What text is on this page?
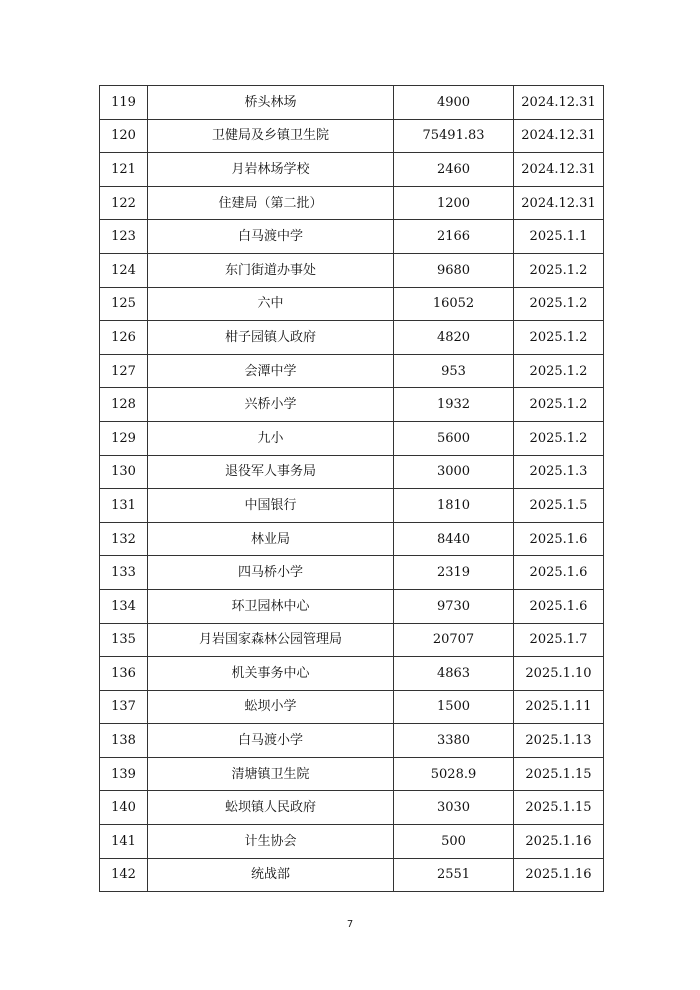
119	桥头林场	4900	2024.12.31
120	卫健局及乡镇卫生院	75491.83	2024.12.31
121	月岩林场学校	2460	2024.12.31
122	住建局（第二批）	1200	2024.12.31
123	白马渡中学	2166	2025.1.1
124	东门街道办事处	9680	2025.1.2
125	六中	16052	2025.1.2
126	柑子园镇人政府	4820	2025.1.2
127	会潭中学	953	2025.1.2
128	兴桥小学	1932	2025.1.2
129	九小	5600	2025.1.2
130	退役军人事务局	3000	2025.1.3
131	中国银行	1810	2025.1.5
132	林业局	8440	2025.1.6
133	四马桥小学	2319	2025.1.6
134	环卫园林中心	9730	2025.1.6
135	月岩国家森林公园管理局	20707	2025.1.7
136	机关事务中心	4863	2025.1.10
137	蚣坝小学	1500	2025.1.11
138	白马渡小学	3380	2025.1.13
139	清塘镇卫生院	5028.9	2025.1.15
140	蚣坝镇人民政府	3030	2025.1.15
141	计生协会	500	2025.1.16
142	统战部	2551	2025.1.16
7
